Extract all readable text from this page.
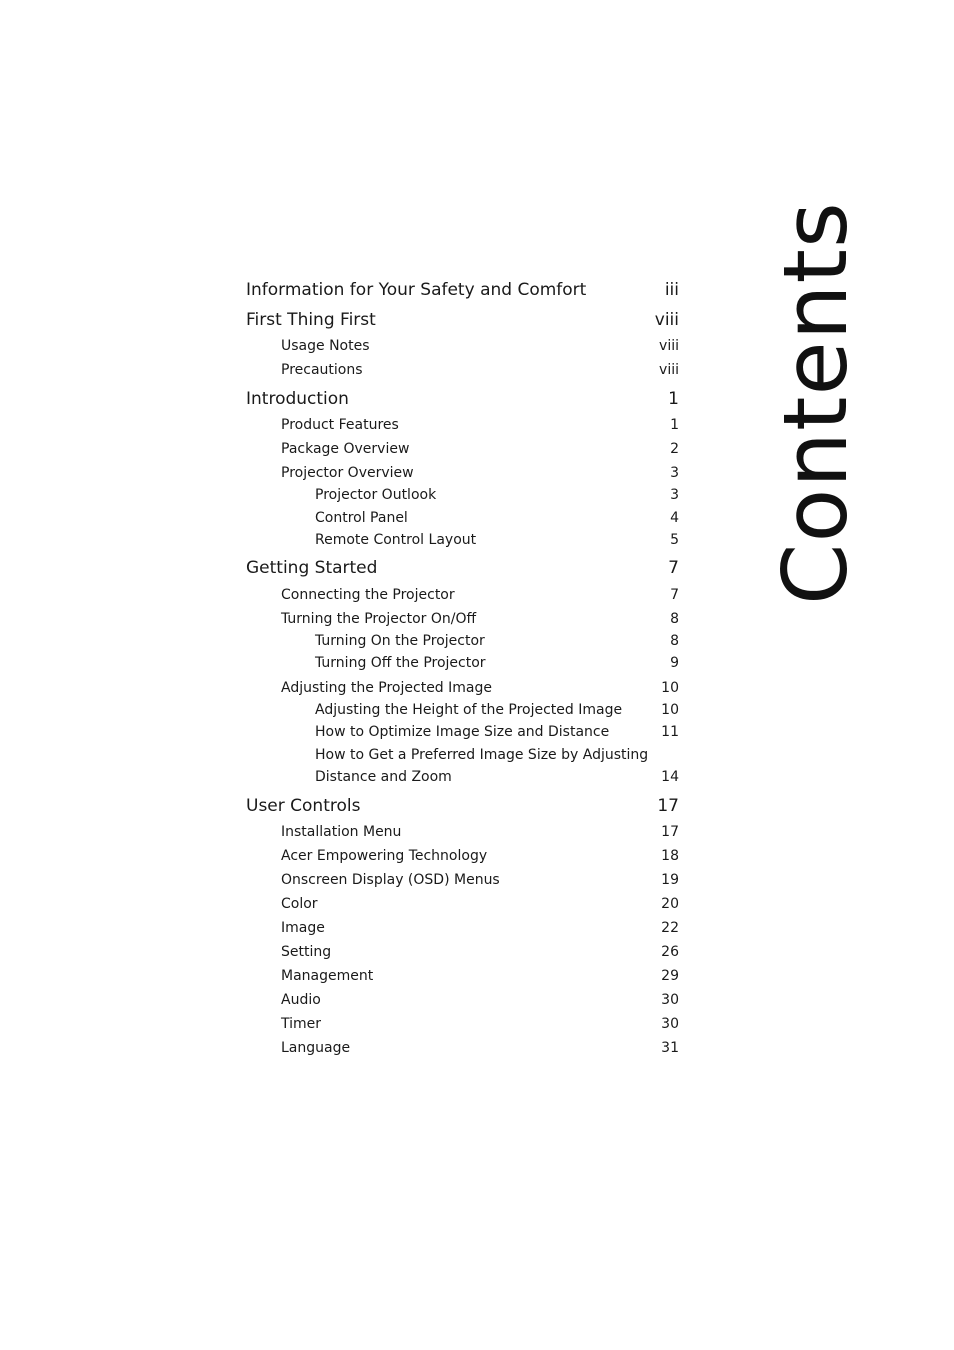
Information for Your Safety and Comfort	iii
First Thing First	viii
Usage Notes	viii
Precautions	viii
Introduction	1
Product Features	1
Package Overview	2
Projector Overview	3
Projector Outlook	3
Control Panel	4
Remote Control Layout	5
Getting Started	7
Connecting the Projector	7
Turning the Projector On/Off	8
Turning On the Projector	8
Turning Off the Projector	9
Adjusting the Projected Image	10
Adjusting the Height of the Projected Image	10
How to Optimize Image Size and Distance	11
How to Get a Preferred Image Size by Adjusting
Distance and Zoom	14
User Controls	17
Installation Menu	17
Acer Empowering Technology	18
Onscreen Display (OSD) Menus	19
Color	20
Image	22
Setting	26
Management	29
Audio	30
Timer	30
Language	31
Contents
